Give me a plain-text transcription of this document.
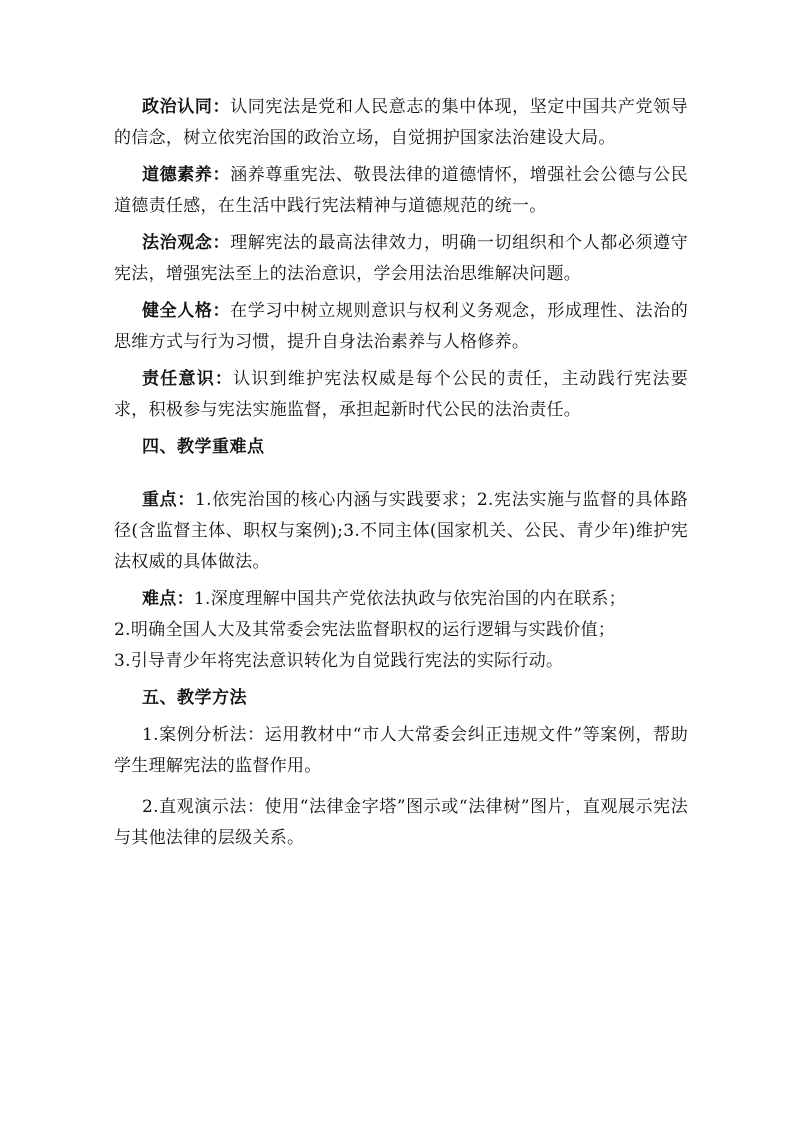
政治认同：认同宪法是党和人民意志的集中体现，坚定中国共产党领导的信念，树立依宪治国的政治立场，自觉拥护国家法治建设大局。

道德素养：涵养尊重宪法、敬畏法律的道德情怀，增强社会公德与公民道德责任感，在生活中践行宪法精神与道德规范的统一。

法治观念：理解宪法的最高法律效力，明确一切组织和个人都必须遵守宪法，增强宪法至上的法治意识，学会用法治思维解决问题。

健全人格：在学习中树立规则意识与权利义务观念，形成理性、法治的思维方式与行为习惯，提升自身法治素养与人格修养。

责任意识：认识到维护宪法权威是每个公民的责任，主动践行宪法要求，积极参与宪法实施监督，承担起新时代公民的法治责任。

四、教学重难点

重点：1.依宪治国的核心内涵与实践要求；2.宪法实施与监督的具体路径(含监督主体、职权与案例);3.不同主体(国家机关、公民、青少年)维护宪法权威的具体做法。

难点：1.深度理解中国共产党依法执政与依宪治国的内在联系；

2.明确全国人大及其常委会宪法监督职权的运行逻辑与实践价值；

3.引导青少年将宪法意识转化为自觉践行宪法的实际行动。

五、教学方法

1.案例分析法：运用教材中“市人大常委会纠正违规文件”等案例，帮助学生理解宪法的监督作用。

2.直观演示法：使用“法律金字塔”图示或“法律树”图片，直观展示宪法与其他法律的层级关系。
